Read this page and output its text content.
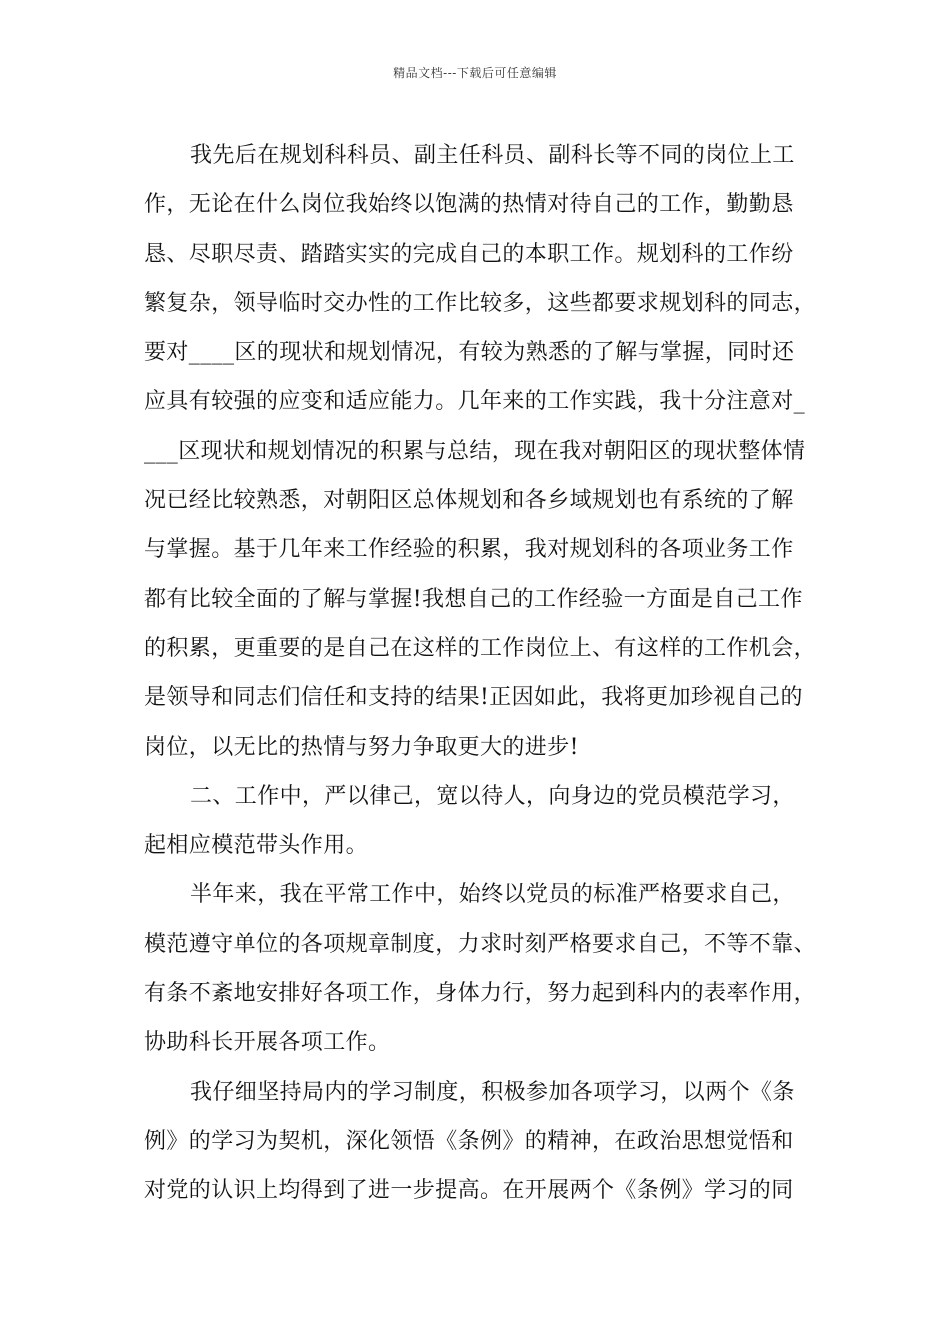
精品文档---下载后可任意编辑
我先后在规划科科员、副主任科员、副科长等不同的岗位上工
作，无论在什么岗位我始终以饱满的热情对待自己的工作，勤勤恳
恳、尽职尽责、踏踏实实的完成自己的本职工作。规划科的工作纷
繁复杂，领导临时交办性的工作比较多，这些都要求规划科的同志，
要对____区的现状和规划情况，有较为熟悉的了解与掌握，同时还
应具有较强的应变和适应能力。几年来的工作实践，我十分注意对_
___区现状和规划情况的积累与总结，现在我对朝阳区的现状整体情
况已经比较熟悉，对朝阳区总体规划和各乡域规划也有系统的了解
与掌握。基于几年来工作经验的积累，我对规划科的各项业务工作
都有比较全面的了解与掌握!我想自己的工作经验一方面是自己工作
的积累，更重要的是自己在这样的工作岗位上、有这样的工作机会，
是领导和同志们信任和支持的结果!正因如此，我将更加珍视自己的
岗位，以无比的热情与努力争取更大的进步!
二、工作中，严以律己，宽以待人，向身边的党员模范学习，
起相应模范带头作用。
半年来，我在平常工作中，始终以党员的标准严格要求自己，
模范遵守单位的各项规章制度，力求时刻严格要求自己，不等不靠、
有条不紊地安排好各项工作，身体力行，努力起到科内的表率作用，
协助科长开展各项工作。
我仔细坚持局内的学习制度，积极参加各项学习，以两个《条
例》的学习为契机，深化领悟《条例》的精神，在政治思想觉悟和
对党的认识上均得到了进一步提高。在开展两个《条例》学习的同
